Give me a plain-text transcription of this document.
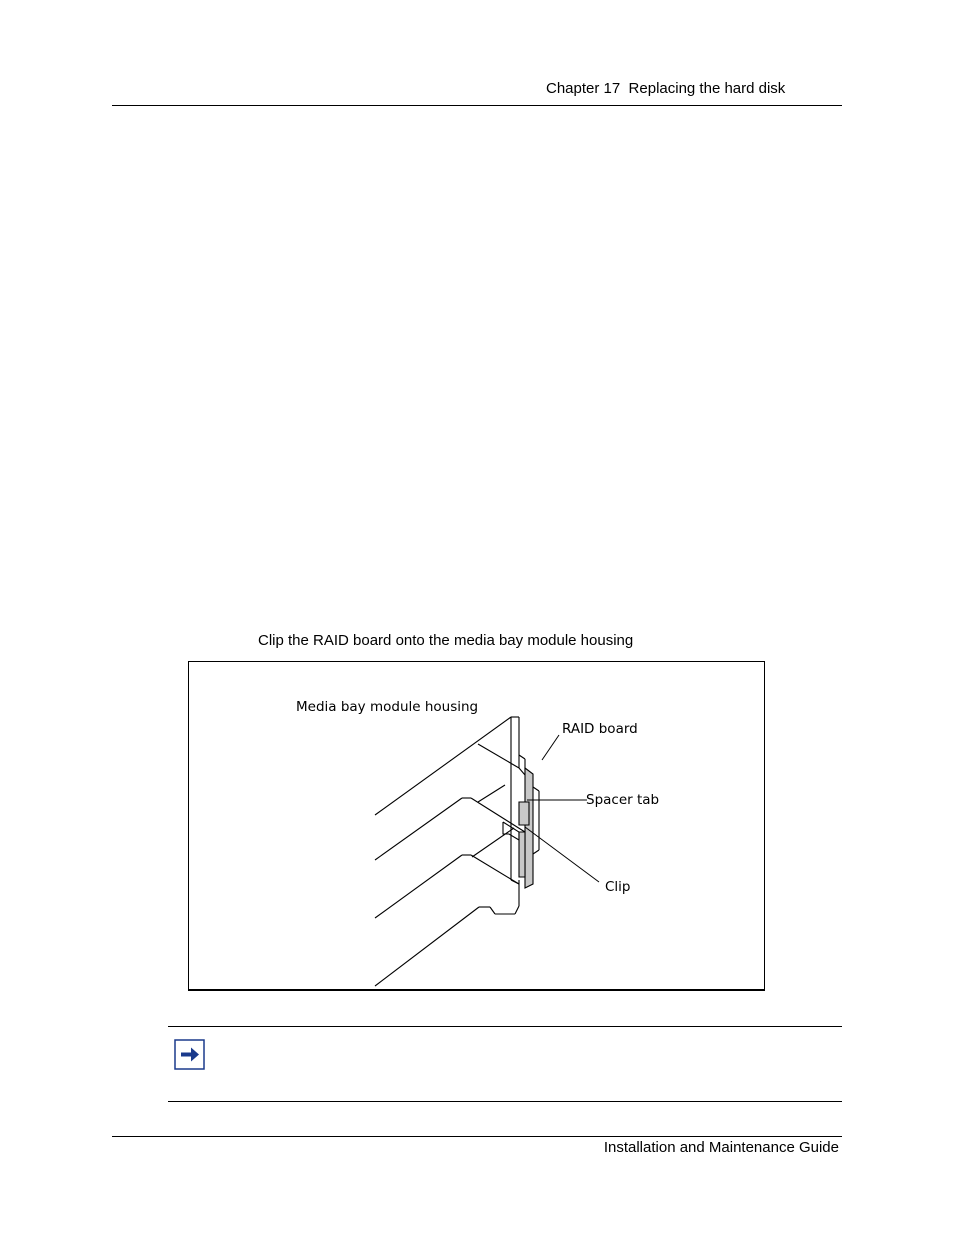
Chapter 17  Replacing the hard disk
Clip the RAID board onto the media bay module housing
Media bay module housing
RAID board
Spacer tab
Clip
Installation and Maintenance Guide
